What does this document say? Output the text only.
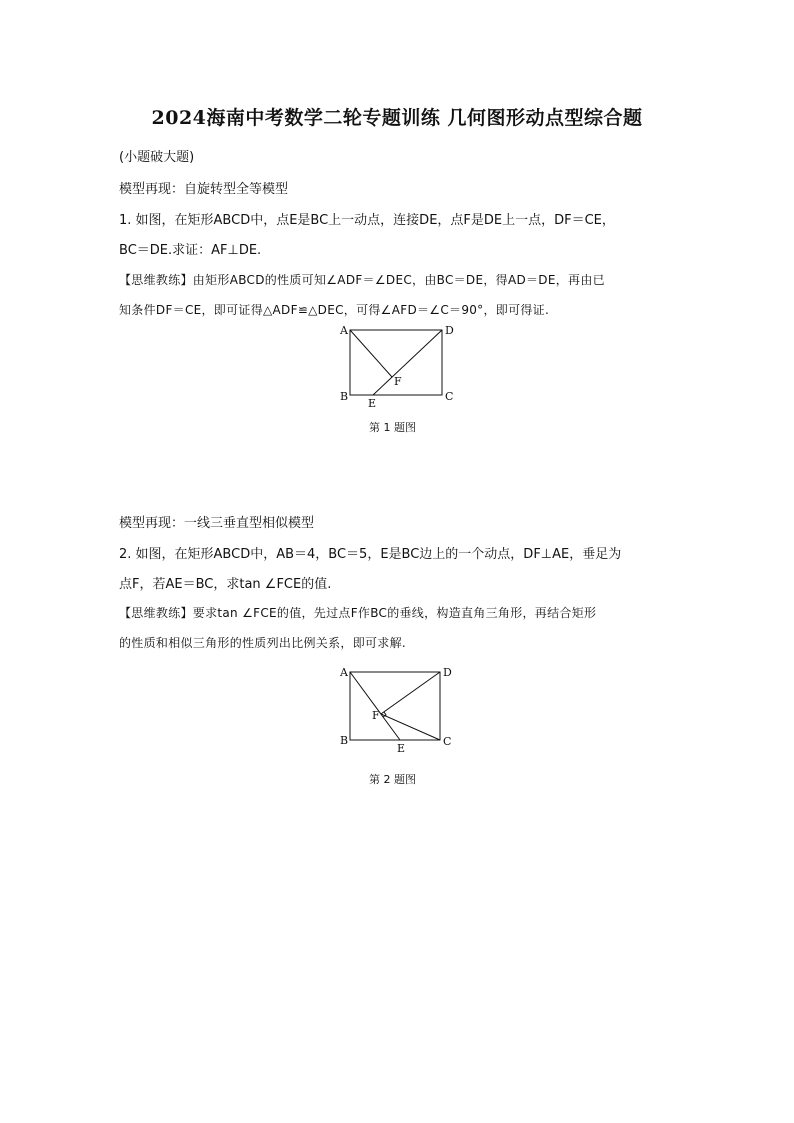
2024海南中考数学二轮专题训练 几何图形动点型综合题
(小题破大题)
模型再现：自旋转型全等模型
1. 如图，在矩形ABCD中，点E是BC上一动点，连接DE，点F是DE上一点，DF＝CE，
BC＝DE.求证：AF⊥DE.
【思维教练】由矩形ABCD的性质可知∠ADF＝∠DEC，由BC＝DE，得AD＝DE，再由已
知条件DF＝CE，即可证得△ADF≌△DEC，可得∠AFD＝∠C＝90°，即可得证.
A	D
B	C
E
F
第 1 题图
模型再现：一线三垂直型相似模型
2. 如图，在矩形ABCD中，AB＝4，BC＝5，E是BC边上的一个动点，DF⊥AE，垂足为
点F，若AE＝BC，求tan ∠FCE的值.
【思维教练】要求tan ∠FCE的值，先过点F作BC的垂线，构造直角三角形，再结合矩形
的性质和相似三角形的性质列出比例关系，即可求解.
A	D
B	C
E
F
第 2 题图
